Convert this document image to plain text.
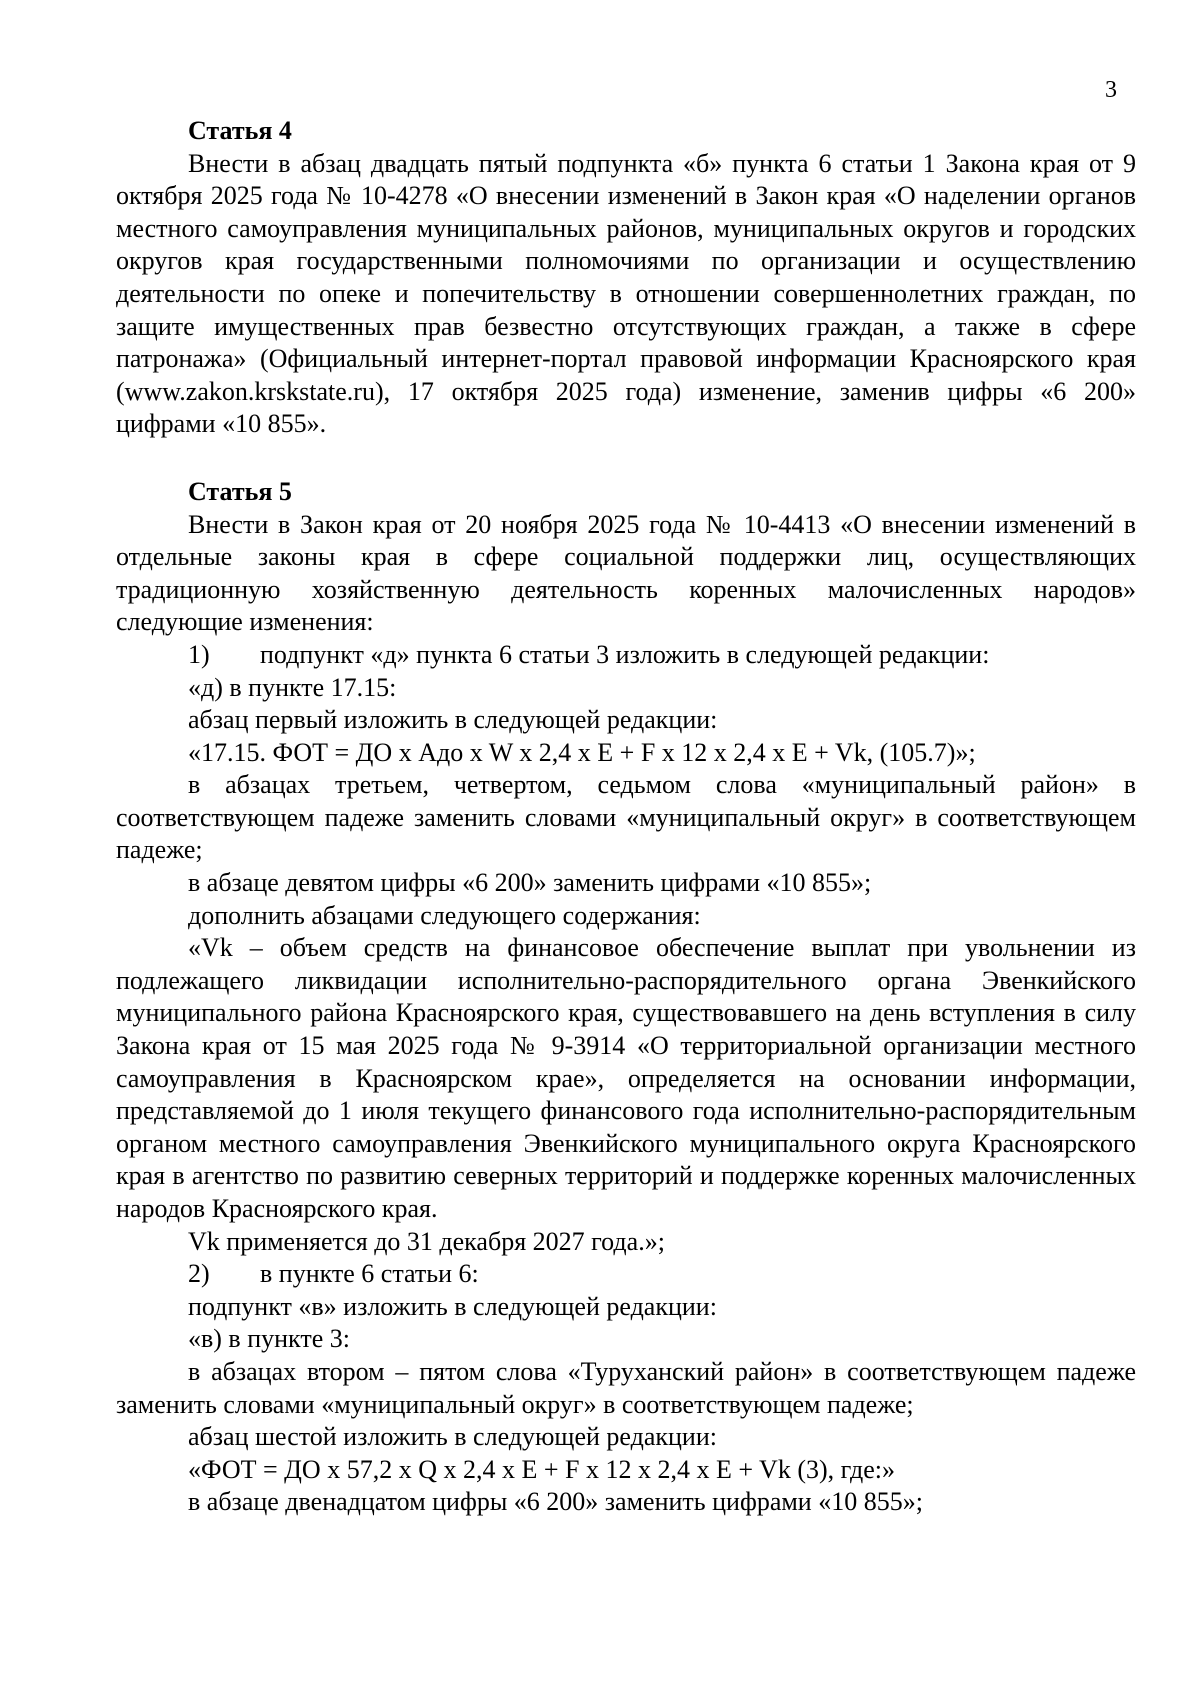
3
Статья 4
Внести в абзац двадцать пятый подпункта «б» пункта 6 статьи 1 Закона края от 9 октября 2025 года № 10-4278 «О внесении изменений в Закон края «О наделении органов местного самоуправления муниципальных районов, муниципальных округов и городских округов края государственными полномочиями по организации и осуществлению деятельности по опеке и попечительству в отношении совершеннолетних граждан, по защите имущественных прав безвестно отсутствующих граждан, а также в сфере патронажа» (Официальный интернет-портал правовой информации Красноярского края (www.zakon.krskstate.ru), 17 октября 2025 года) изменение, заменив цифры «6 200» цифрами «10 855».
Статья 5
Внести в Закон края от 20 ноября 2025 года № 10-4413 «О внесении изменений в отдельные законы края в сфере социальной поддержки лиц, осуществляющих традиционную хозяйственную деятельность коренных малочисленных народов» следующие изменения:
1) подпункт «д» пункта 6 статьи 3 изложить в следующей редакции:
«д) в пункте 17.15:
абзац первый изложить в следующей редакции:
«17.15. ФОТ = ДО x Адо x W x 2,4 x E + F x 12 x 2,4 x E + Vk, (105.7)»;
в абзацах третьем, четвертом, седьмом слова «муниципальный район» в соответствующем падеже заменить словами «муниципальный округ» в соответствующем падеже;
в абзаце девятом цифры «6 200» заменить цифрами «10 855»;
дополнить абзацами следующего содержания:
«Vk – объем средств на финансовое обеспечение выплат при увольнении из подлежащего ликвидации исполнительно-распорядительного органа Эвенкийского муниципального района Красноярского края, существовавшего на день вступления в силу Закона края от 15 мая 2025 года № 9-3914 «О территориальной организации местного самоуправления в Красноярском крае», определяется на основании информации, представляемой до 1 июля текущего финансового года исполнительно-распорядительным органом местного самоуправления Эвенкийского муниципального округа Красноярского края в агентство по развитию северных территорий и поддержке коренных малочисленных народов Красноярского края.
Vk применяется до 31 декабря 2027 года.»;
2) в пункте 6 статьи 6:
подпункт «в» изложить в следующей редакции:
«в) в пункте 3:
в абзацах втором – пятом слова «Туруханский район» в соответствующем падеже заменить словами «муниципальный округ» в соответствующем падеже;
абзац шестой изложить в следующей редакции:
«ФОТ = ДО x 57,2 x Q x 2,4 x E + F x 12 x 2,4 x E + Vk (3), где:»
в абзаце двенадцатом цифры «6 200» заменить цифрами «10 855»;
